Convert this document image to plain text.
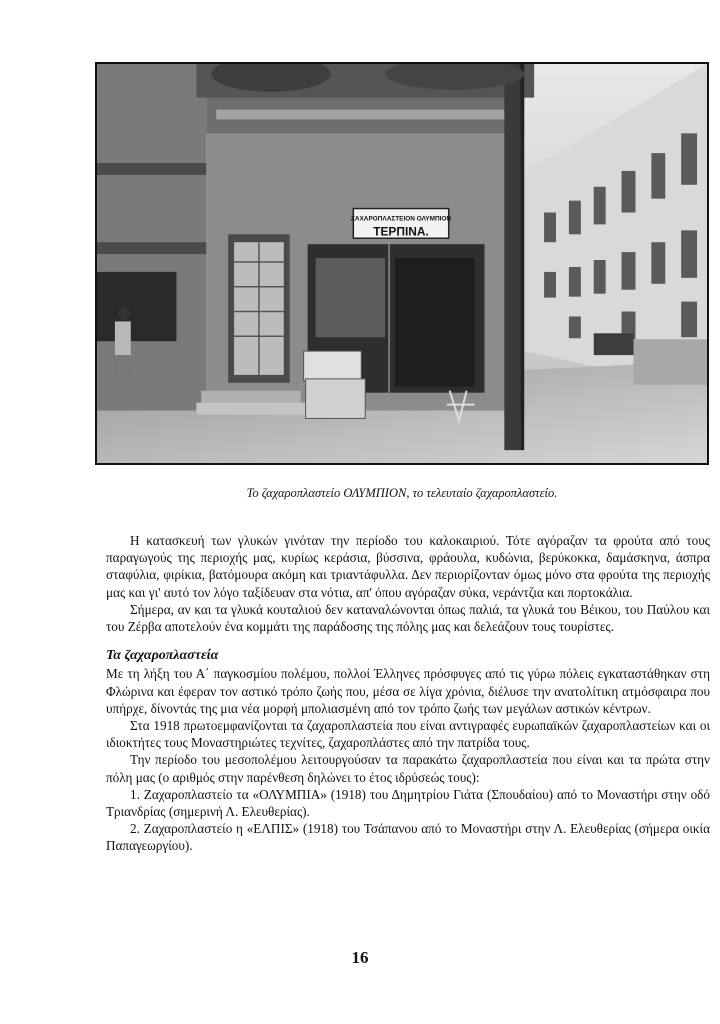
ΖΑΧΑΡΟΠΛΑΣΤΕΙΟΝ ΟΛΥΜΠΙΟΝ
ΤΕΡΠΙΝΑ.
Το ζαχαροπλαστείο ΟΛΥΜΠΙΟΝ, το τελευταίο ζαχαροπλαστείο.

Η κατασκευή των γλυκών γινόταν την περίοδο του καλοκαιριού. Τότε αγόραζαν τα φρούτα από τους παραγωγούς της περιοχής μας, κυρίως κεράσια, βύσσινα, φράουλα, κυδώνια, βερύκοκκα, δαμάσκηνα, άσπρα σταφύλια, φιρίκια, βατόμουρα ακόμη και τριαντάφυλλα. Δεν περιορίζονταν όμως μόνο στα φρούτα της περιοχής μας και γι' αυτό τον λόγο ταξίδευαν στα νότια, απ' όπου αγόραζαν σύκα, νεράντζια και πορτοκάλια.

Σήμερα, αν και τα γλυκά κουταλιού δεν καταναλώνονται όπως παλιά, τα γλυκά του Βέικου, του Παύλου και του Ζέρβα αποτελούν ένα κομμάτι της παράδοσης της πόλης μας και δελεάζουν τους τουρίστες.

Τα ζαχαροπλαστεία

Με τη λήξη του Α΄ παγκοσμίου πολέμου, πολλοί Έλληνες πρόσφυγες από τις γύρω πόλεις εγκαταστάθηκαν στη Φλώρινα και έφεραν τον αστικό τρόπο ζωής που, μέσα σε λίγα χρόνια, διέλυσε την ανατολίτικη ατμόσφαιρα που υπήρχε, δίνοντάς της μια νέα μορφή μπολιασμένη από τον τρόπο ζωής των μεγάλων αστικών κέντρων.

Στα 1918 πρωτοεμφανίζονται τα ζαχαροπλαστεία που είναι αντιγραφές ευρωπαϊκών ζαχαροπλαστείων και οι ιδιοκτήτες τους Μοναστηριώτες τεχνίτες, ζαχαροπλάστες από την πατρίδα τους.

Την περίοδο του μεσοπολέμου λειτουργούσαν τα παρακάτω ζαχαροπλαστεία που είναι και τα πρώτα στην πόλη μας (ο αριθμός στην παρένθεση δηλώνει το έτος ιδρύσεώς τους):

1. Ζαχαροπλαστείο τα «ΟΛΥΜΠΙΑ» (1918) του Δημητρίου Γιάτα (Σπουδαίου) από το Μοναστήρι στην οδό Τριανδρίας (σημερινή Λ. Ελευθερίας).

2. Ζαχαροπλαστείο η «ΕΛΠΙΣ» (1918) του Τσάπανου από το Μοναστήρι στην Λ. Ελευθερίας (σήμερα οικία Παπαγεωργίου).

16
